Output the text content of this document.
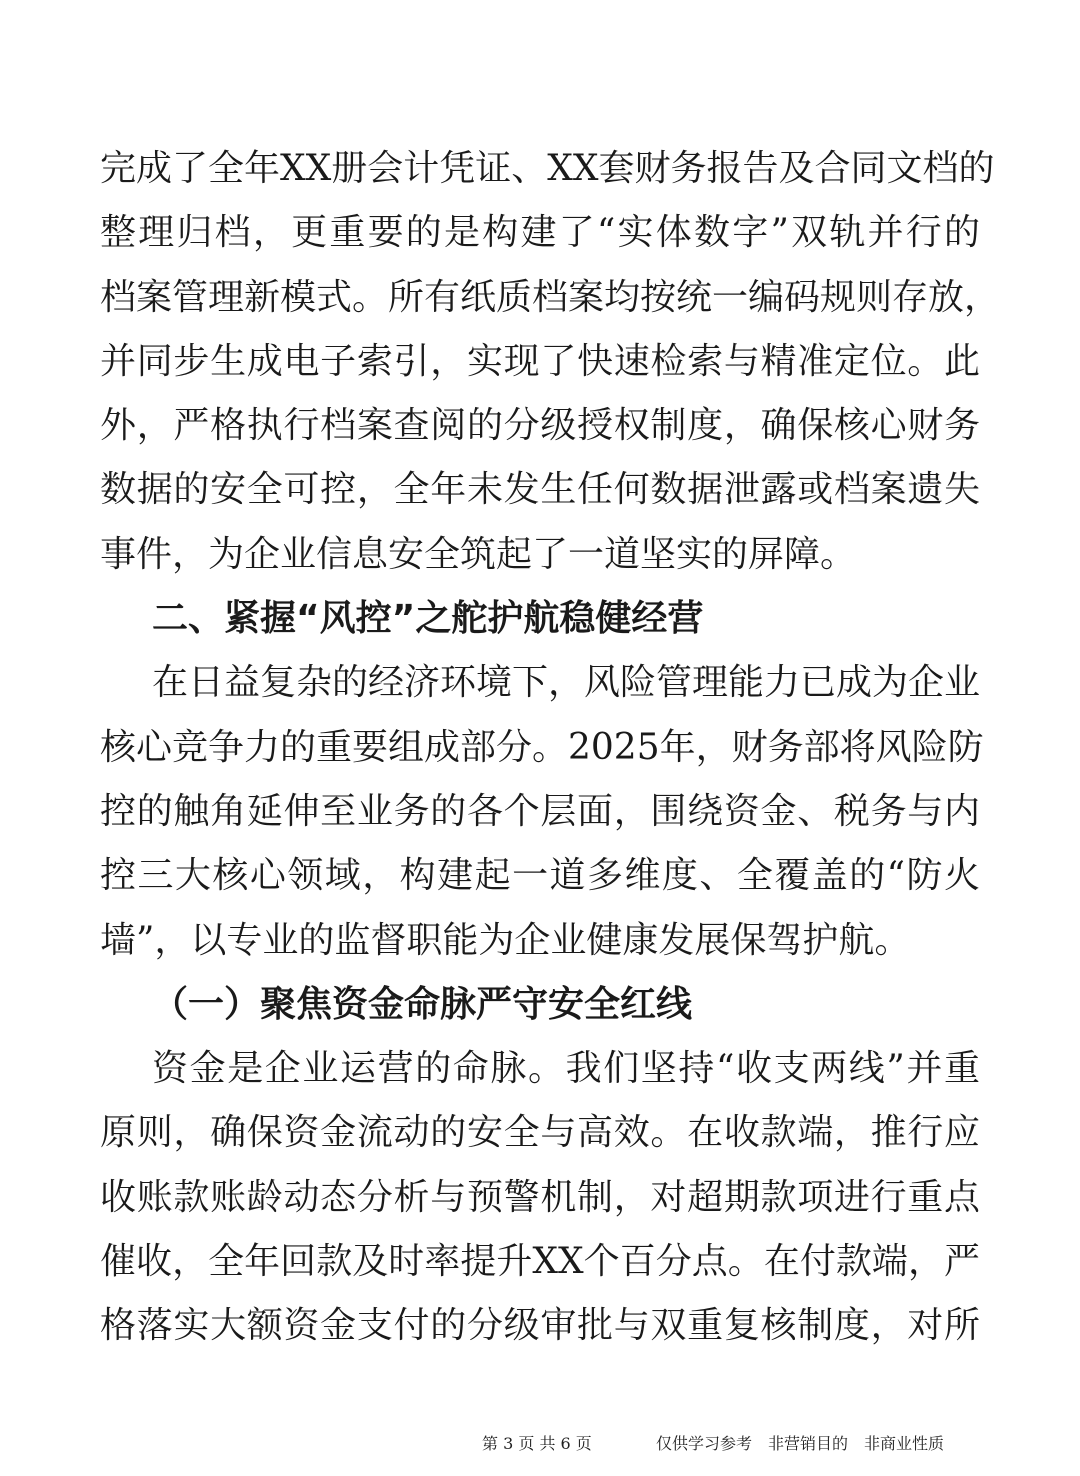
完成了全年XX册会计凭证、XX套财务报告及合同文档的
整理归档，更重要的是构建了“实体数字”双轨并行的
档案管理新模式。所有纸质档案均按统一编码规则存放，
并同步生成电子索引，实现了快速检索与精准定位。此
外，严格执行档案查阅的分级授权制度，确保核心财务
数据的安全可控，全年未发生任何数据泄露或档案遗失
事件，为企业信息安全筑起了一道坚实的屏障。
二、紧握“风控”之舵护航稳健经营
在日益复杂的经济环境下，风险管理能力已成为企业
核心竞争力的重要组成部分。2025年，财务部将风险防
控的触角延伸至业务的各个层面，围绕资金、税务与内
控三大核心领域，构建起一道多维度、全覆盖的“防火
墙”，以专业的监督职能为企业健康发展保驾护航。
（一）聚焦资金命脉严守安全红线
资金是企业运营的命脉。我们坚持“收支两线”并重
原则，确保资金流动的安全与高效。在收款端，推行应
收账款账龄动态分析与预警机制，对超期款项进行重点
催收，全年回款及时率提升XX个百分点。在付款端，严
格落实大额资金支付的分级审批与双重复核制度，对所
第 3 页 共 6 页	仅供学习参考　非营销目的　非商业性质
